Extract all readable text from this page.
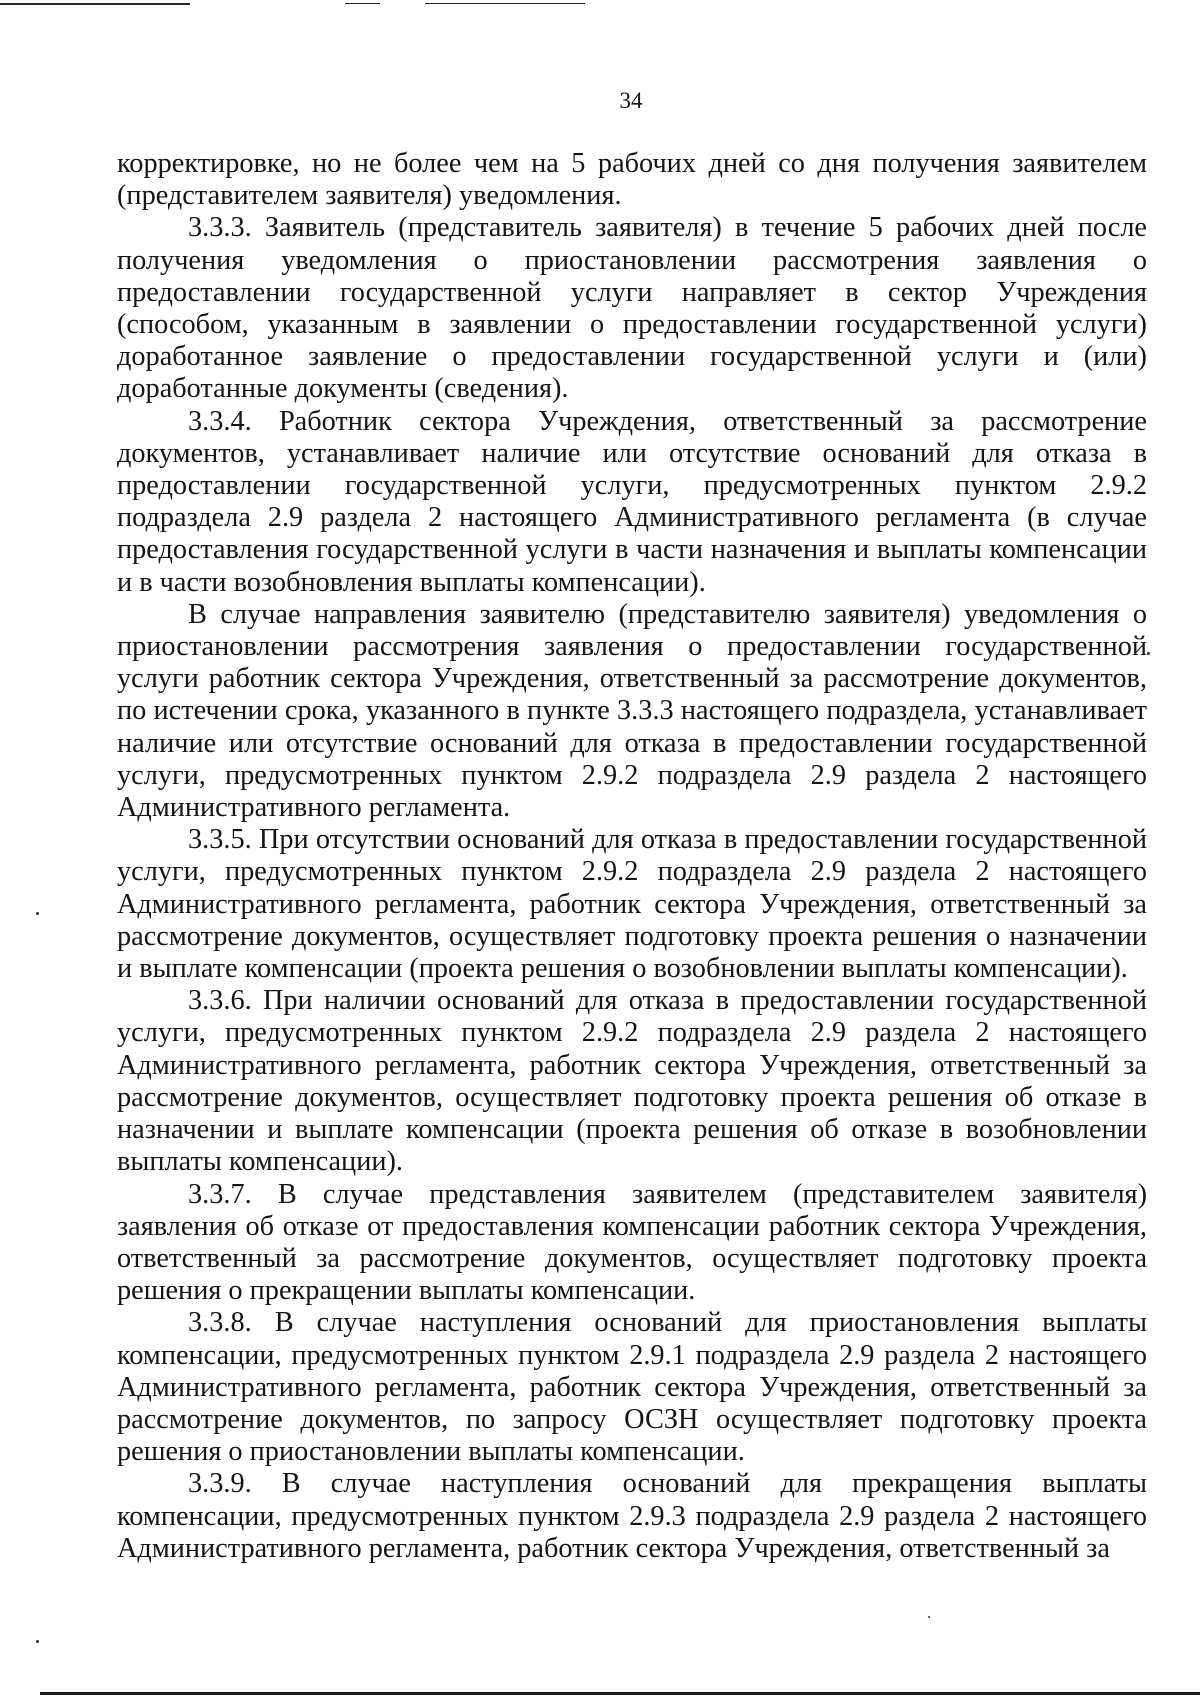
34

корректировке, но не более чем на 5 рабочих дней со дня получения заявителем (представителем заявителя) уведомления.

3.3.3. Заявитель (представитель заявителя) в течение 5 рабочих дней после получения уведомления о приостановлении рассмотрения заявления о предоставлении государственной услуги направляет в сектор Учреждения (способом, указанным в заявлении о предоставлении государственной услуги) доработанное заявление о предоставлении государственной услуги и (или) доработанные документы (сведения).

3.3.4. Работник сектора Учреждения, ответственный за рассмотрение документов, устанавливает наличие или отсутствие оснований для отказа в предоставлении государственной услуги, предусмотренных пунктом 2.9.2 подраздела 2.9 раздела 2 настоящего Административного регламента (в случае предоставления государственной услуги в части назначения и выплаты компенсации и в части возобновления выплаты компенсации).

В случае направления заявителю (представителю заявителя) уведомления о приостановлении рассмотрения заявления о предоставлении государственной услуги работник сектора Учреждения, ответственный за рассмотрение документов, по истечении срока, указанного в пункте 3.3.3 настоящего подраздела, устанавливает наличие или отсутствие оснований для отказа в предоставлении государственной услуги, предусмотренных пунктом 2.9.2 подраздела 2.9 раздела 2 настоящего Административного регламента.

3.3.5. При отсутствии оснований для отказа в предоставлении государственной услуги, предусмотренных пунктом 2.9.2 подраздела 2.9 раздела 2 настоящего Административного регламента, работник сектора Учреждения, ответственный за рассмотрение документов, осуществляет подготовку проекта решения о назначении и выплате компенсации (проекта решения о возобновлении выплаты компенсации).

3.3.6. При наличии оснований для отказа в предоставлении государственной услуги, предусмотренных пунктом 2.9.2 подраздела 2.9 раздела 2 настоящего Административного регламента, работник сектора Учреждения, ответственный за рассмотрение документов, осуществляет подготовку проекта решения об отказе в назначении и выплате компенсации (проекта решения об отказе в возобновлении выплаты компенсации).

3.3.7. В случае представления заявителем (представителем заявителя) заявления об отказе от предоставления компенсации работник сектора Учреждения, ответственный за рассмотрение документов, осуществляет подготовку проекта решения о прекращении выплаты компенсации.

3.3.8. В случае наступления оснований для приостановления выплаты компенсации, предусмотренных пунктом 2.9.1 подраздела 2.9 раздела 2 настоящего Административного регламента, работник сектора Учреждения, ответственный за рассмотрение документов, по запросу ОСЗН осуществляет подготовку проекта решения о приостановлении выплаты компенсации.

3.3.9. В случае наступления оснований для прекращения выплаты компенсации, предусмотренных пунктом 2.9.3 подраздела 2.9 раздела 2 настоящего Административного регламента, работник сектора Учреждения, ответственный за
